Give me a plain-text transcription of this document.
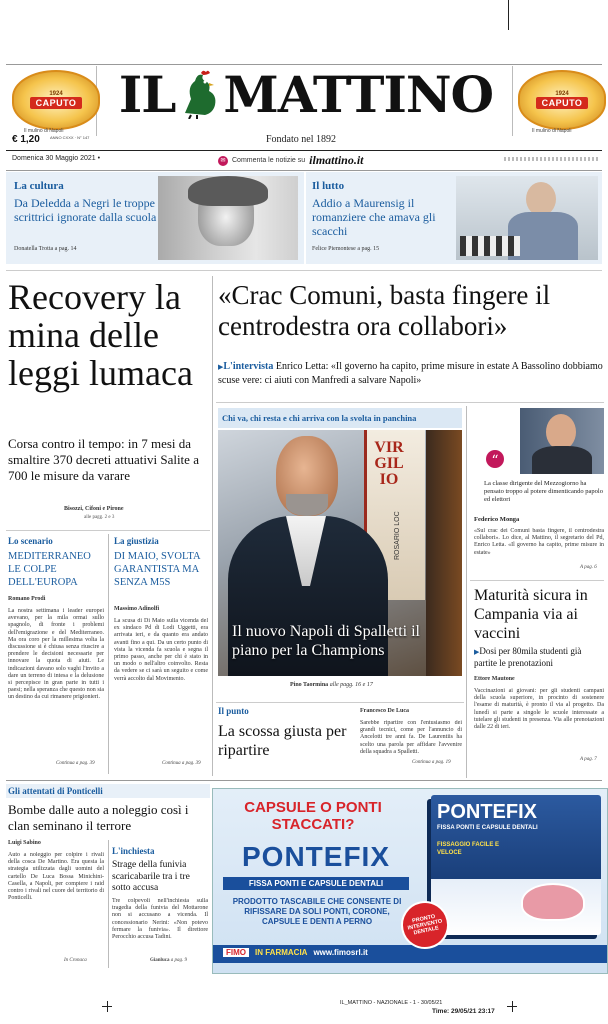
1924
CAPUTO
Il mulino di Napoli
1924
CAPUTO
Il mulino di Napoli
IL MATTINO
Fondato nel 1892
€ 1,20	ANNO CXXX · N° 147
Domenica 30 Maggio 2021 •	✉ Commenta le notizie su ilmattino.it
La cultura
Da Deledda a Negri le troppe scrittrici ignorate dalla scuola
Donatella Trotta a pag. 14
Il lutto
Addio a Maurensig il romanziere che amava gli scacchi
Felice Piemontese a pag. 15
Recovery la mina delle leggi lumaca
Corsa contro il tempo: in 7 mesi da smaltire 370 decreti attuativi Salite a 700 le misure da varare
Bisozzi, Cifoni e Pirone
alle pagg. 2 e 3
«Crac Comuni, basta fingere il centrodestra ora collabori»
▶L'intervista Enrico Letta: «Il governo ha capito, prime misure in estate A Bassolino dobbiamo scuse vere: ci aiuti con Manfredi a salvare Napoli»
Chi va, chi resta e chi arriva con la svolta in panchina
VIRGILIO
ROSARIO LOC
Il nuovo Napoli di Spalletti il piano per la Champions
Pino Taormina alle pagg. 16 e 17
“
La classe dirigente del Mezzogiorno ha pensato troppo al potere dimenticando papolo ed elettori
Federico Monga
«Sul crac dei Comuni basta fingere, il centrodestra collabori». Lo dice, al Mattino, il segretario del Pd, Enrico Letta. «Il governo ha capito, prime misure in estate»
A pag. 6
Maturità sicura in Campania via ai vaccini
▶Dosi per 80mila studenti già partite le prenotazioni
Ettore Mautone
Vaccinazioni ai giovani: per gli studenti campani della scuola superiore, in procinto di sostenere l'esame di maturità, è pronto il via al progetto. Da lunedì si parte a singole le scuole interessate a tutelare gli studenti in presenza. Via alle prenotazioni dalle 22 di ieri.
A pag. 7
Lo scenario
MEDITERRANEO LE COLPE DELL'EUROPA
Romano Prodi
La nostra settimana i leader europei avevano, per la mila ormai sullo spagnolo, di fronte i problemi dell'emigrazione e del Mediterraneo. Ma ora coro per la millesima volta la discussione si è chiusa senza riuscire a prendere le decisioni necessarie per innovare la quota di aiuti. Le indicazioni davano solo vaghi l'invito a dare un terreno di intesa e la delusione si percepisce in gran parte in tutti i paesi; nella speranza che questo non sia un destino da cui rimanere prigionieri.
Continua a pag. 39
La giustizia
DI MAIO, SVOLTA GARANTISTA MA SENZA M5S
Massimo Adinolfi
La scusa di Di Maio sulla vicenda del ex sindaco Pd di Lodi Uggetti, era arrivata ieri, e da quanto era andato avanti fino a qui. Da un certo punto di vista la vicenda fa scuola e segna il primo passo, anche per chi è stato in un modo o nell'altro coinvolto. Resta da vedere se ci sarà un seguito e come verrà accolto dal Movimento.
Continua a pag. 39
Il punto
La scossa giusta per ripartire
Francesco De Luca
Sarebbe ripartire con l'entusiasmo dei grandi tecnici, come per l'annuncio di Ancelotti tre anni fa. De Laurentiis ha scelto una parola per affidare l'avvenire della squadra a Spalletti.
Continua a pag. 19
Gli attentati di Ponticelli
Bombe dalle auto a noleggio così i clan seminano il terrore
Luigi Sabino
Auto a noleggio per colpire i rivali della cosca De Martino. Era questa la strategia utilizzata dagli uomini del cartello De Luca Bossa Minichini-Casella, a Napoli, per compiere i raid contro i rivali nel cuore del territorio di Ponticelli.
In Cronaca
L'inchiesta
Strage della funivia scaricabarile tra i tre sotto accusa
Tre colpevoli nell'inchiesta sulla tragedia della funivia del Mottarone non si accusano a vicenda. Il concessionario Nerini: «Non potevo fermare la funivia». Il direttore Perocchio accusa Tadini.
Gianluca a pag. 9
CAPSULE O PONTI STACCATI?
PONTEFIX
FISSA PONTI E CAPSULE DENTALI
PRODOTTO TASCABILE CHE CONSENTE DI RIFISSARE DA SOLI PONTI, CORONE, CAPSULE E DENTI A PERNO
FIMO	IN FARMACIA www.fimosrl.it
PONTEFIX
FISSA PONTI E CAPSULE DENTALI
FISSAGGIO FACILE E VELOCE
PRONTO INTERVENTO DENTALE
IL_MATTINO - NAZIONALE - 1 - 30/05/21
Time: 29/05/21 23:17
